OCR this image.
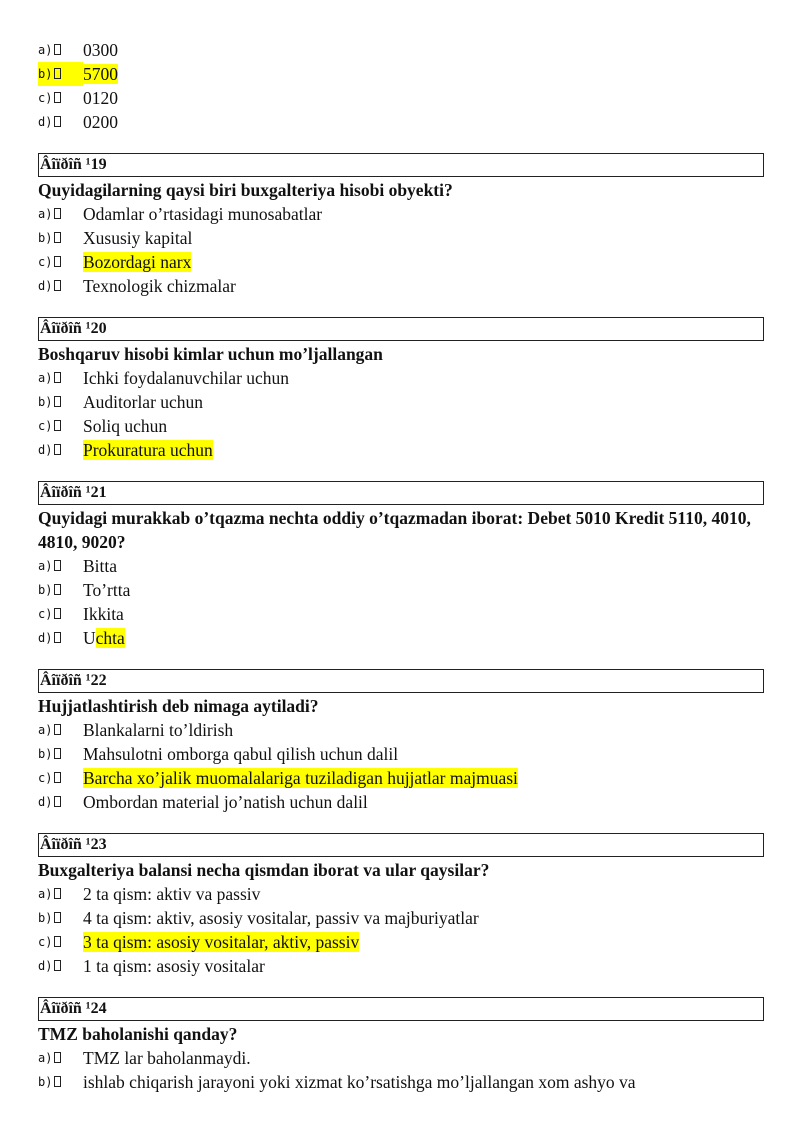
a) 0300
b) 5700
c) 0120
d) 0200
Âîïðîñ ¹19
Quyidagilarning qaysi biri buxgalteriya hisobi obyekti?
a) Odamlar o’rtasidagi munosabatlar
b) Xususiy kapital
c) Bozordagi narx
d) Texnologik chizmalar
Âîïðîñ ¹20
Boshqaruv hisobi kimlar uchun mo’ljallangan
a) Ichki foydalanuvchilar uchun
b) Auditorlar uchun
c) Soliq uchun
d) Prokuratura uchun
Âîïðîñ ¹21
Quyidagi murakkab o’tqazma nechta oddiy o’tqazmadan iborat: Debet 5010 Kredit 5110, 4010, 4810, 9020?
a) Bitta
b) To’rtta
c) Ikkita
d) Uchta
Âîïðîñ ¹22
Hujjatlashtirish deb nimaga aytiladi?
a) Blankalarni to’ldirish
b) Mahsulotni omborga qabul qilish uchun dalil
c) Barcha xo’jalik muomalalariga tuziladigan hujjatlar majmuasi
d) Ombordan material jo’natish uchun dalil
Âîïðîñ ¹23
Buxgalteriya balansi necha qismdan iborat va ular qaysilar?
a) 2 ta qism: aktiv va passiv
b) 4 ta qism: aktiv, asosiy vositalar, passiv va majburiyatlar
c) 3 ta qism: asosiy vositalar, aktiv, passiv
d) 1 ta qism: asosiy vositalar
Âîïðîñ ¹24
TMZ baholanishi qanday?
a) TMZ lar baholanmaydi.
b) ishlab chiqarish jarayoni yoki xizmat ko’rsatishga mo’ljallangan xom ashyo va
